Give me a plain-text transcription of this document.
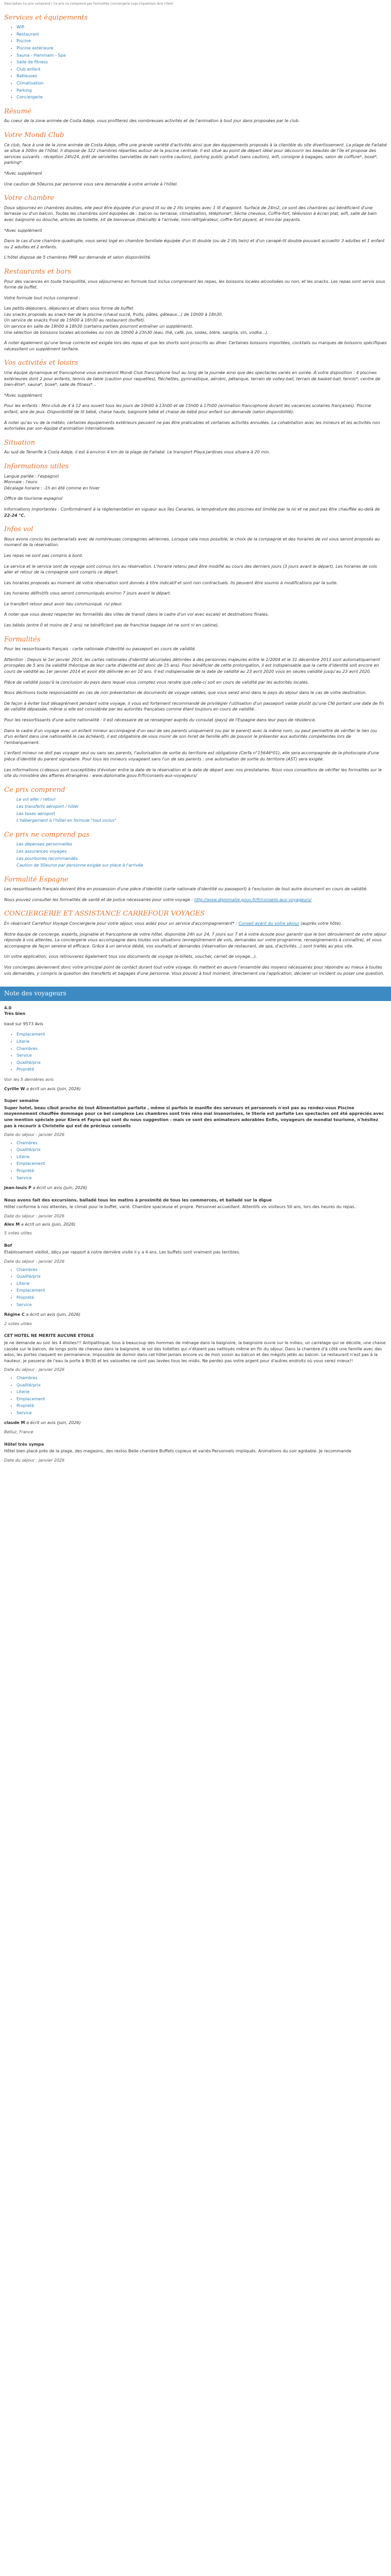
Description Ce prix comprend / Ce prix ne comprend pas Formalités Conciergerie Logo tripadvisor Avis Client
Services et équipements
• Wifi
• Restaurant
• Piscine
• Piscine extérieure
• Sauna - Hammam - Spa
• Salle de fitness
• Club enfant
• Batteuses
• Climatisation
• Parking
• Conciergerie
Résumé

Au coeur de la zone animée de Costa Adeje, vous profiterez des nombreuses activités et de l'animation à tout jour dans proposées par le club.

Votre Mondi Club

Ce club, face à une de la zone animée de Costa Adeje, offre une grande variété d'activités ainsi que des équipements proposés à la clientèle du site divertissement. La plage de Fañabé se situe à 300m de l'hôtel. Il dispose de 322 chambres réparties autour de la piscine centrale. Il est situé au point de départ idéal pour découvrir les beautés de l'île et propose des services suivants : réception 24h/24, prêt de serviettes (serviettes de bain contre caution), parking public gratuit (sans caution), wifi, consigne à bagages, salon de coiffure*, boxe*, parking*.

*Avec supplément

Une caution de 50euros par personne vous sera demandée à votre arrivée à l'hôtel.

Votre chambre

Doux séjournez en chambres doubles, elle peut être équipée d'un grand lit ou de 2 lits simples avec 1 lit d'appoint. Surface de 24m2, ce sont des chambres qui bénéficient d'une terrasse ou d'un balcon. Toutes les chambres sont équipées de : balcon ou terrasse, climatisation, téléphone*, Sèche cheveux, Coffre-fort, télévision à écran plat, wifi, salle de bain avec baignoire ou douche, articles de toilette, kit de bienvenue (thé/café) à l'arrivée, mini-réfrigérateur, coffre-fort payant, et mini-bar payants.

*Avec supplément

Dans le cas d'une chambre quadruple, vous serez logé en chambre familiale équipée d'un lit double (ou de 2 lits twin) et d'un canapé-lit double pouvant accueillir 3 adultes et 1 enfant ou 2 adultes et 2 enfants.

L'hôtel dispose de 5 chambres PMR sur demande et selon disponibilité.

Restaurants et bars

Pour des vacances en toute tranquillité, vous séjournerez en formule tout inclus comprenant les repas, les boissons locales alcoolisées ou non, et les snacks. Les repas sont servis sous forme de buffet.

Votre formule tout inclus comprend :

Les petits-déjeuners, déjeuners et dîners sous forme de buffet.
Les snacks proposés au snack-bar de la piscine (chaud sucré, fruits, pâtes, gâteaux...) de 10h00 à 18h30.
Un service de snacks froid de 15h00 à 16h30 au restaurant (buffet).
Un service en salle de 19h00 à 18h30 (certains partiels pourront entraîner un supplément).
Une sélection de boissons locales alcoolisées ou non de 10h00 à 23h30 (eau, thé, café, jus, sodas, bière, sangria, vin, vodka...).

À noter également qu'une tenue correcte est exigée lors des repas et que les shorts sont proscrits au dîner. Certaines boissons importées, cocktails ou marques de boissons spécifiques nécessitent un supplément tarifaire.

Vos activités et loisirs

Une équipe dynamique et francophone vous animeront Mondi Club francophone tout au long de la journée ainsi que des spectacles variés en soirée. À votre disposition : 4 piscines extérieures dont 2 pour enfants, tennis de table (caution pour raquettes), fléchettes, gymnastique, aérobic, pétanque, terrain de volley-ball, terrain de basket-ball, tennis*, centre de bien-être*, sauna*, boxe*, salle de fitness*...

*Avec supplément

Pour les enfants : Mini-club de 4 à 12 ans ouvert tous les jours de 10h00 à 13h00 et de 15h00 à 17h00 (animation francophone durant les vacances scolaires françaises). Piscine enfant, aire de jeux. Disponibilité de lit bébé, chaise haute, baignoire bébé et chaise de bébé pour enfant sur demande (selon disponibilité).

À noter qu'au vu de la météo, certaines équipements extérieurs peuvent ne pas être praticables et certaines activités annulées. La cohabitation avec les mineurs et les activités non autorisées par son équipe d'animation internationale.

Situation

Au sud de Tenerife à Costa Adeje, il est à environ 4 km de la plage de Fañabé. Le transport Playa Jardines vous situera à 20 min.

Informations utiles

Langue parlée : l'espagnol
Monnaie : l'euro
Décalage horaire : -1h en été comme en hiver

Office de tourisme espagnol

Informations importantes : Conformément à la réglementation en vigueur aux îles Canaries, la température des piscines est limitée par la loi et ne peut pas être chauffée au-delà de 22-24 °C.

Infos vol

Nous avons conclu les partenariats avec de nombreuses compagnies aériennes. Lorsque cela nous possible, le choix de la compagnie et des horaires de vol vous seront proposés au moment de la réservation.

Les repas ne sont pas compris à bord.

Le service et le service sont de voyage sont connus lors au réservation. L'horaire retenu peut être modifié au cours des derniers jours (3 jours avant le départ). Les horaires de vols aller et retour de la compagnie sont compris ce départ.

Les horaires proposés au moment de votre réservation sont donnés à titre indicatif et sont non contractuels. Ils peuvent être soumis à modifications par la suite.

Les horaires définitifs vous seront communiqués environ 7 jours avant le départ.

Le transfert retour peut avoir lieu communiqué. rui pleur.

À noter que vous devez respecter les formalités des villes de transit (dans le cadre d'un vol avec escale) et destinations finales.

Les bébés (entre 0 et moins de 2 ans) ne bénéficient pas de franchise bagage (et ne sont ni en cabine).

Formalités

Pour les ressortissants français : carte nationale d'identité ou passeport en cours de validité.

Attention : Depuis le 1er janvier 2014, les cartes nationales d'identité sécurisées délivrées à des personnes majeures entre le 1/2004 et le 31 décembre 2013 sont automatiquement prorogées de 5 ans (la validité théorique de leur carte d'identité est donc de 15 ans). Pour bénéficier de cette prolongation, il est indispensable que la carte d'identité soit encore en cours de validité au 1er janvier 2014 et avoir été délivrée en en 10 ans. Il est indispensable de la date de validité au 23 avril 2020 vous en seules validité jusqu'au 23 avril 2020.

Pièce de validité jusqu'à la conclusion du pays dans lequel vous comptez vous rendre que celle-ci soit en cours de validité par les autorités locales.

Nous déclinons toute responsabilité en cas de non présentation de documents de voyage valides, que vous serez ainsi dans le pays du séjour dans le cas de votre destination.

De façon à éviter tout désagrément pendant votre voyage, il vous est fortement recommandé de privilégier l'utilisation d'un passeport valide plutôt qu'une CNI portant une date de fin de validité dépassée, même si elle est considérée par les autorités françaises comme étant toujours en cours de validité.

Pour les ressortissants d'une autre nationalité : il est nécessaire de se renseigner auprès du consulat (pays) de l'Espagne dans leur pays de résidence.

Dans le cadre d'un voyage avec un enfant mineur accompagné d'un seul de ses parents uniquement (ou par le parent) avec la même nom, ou peut permettre de vérifier le lien (ou d'un enfant dans une nationalité le cas échéant), il est obligatoire de vous munir de son livret de famille afin de pouvoir le présenter aux autorités compétentes lors de l'embarquement.

L'enfant mineur ne doit pas voyager seul ou sans ses parents, l'autorisation de sortie du territoire est obligatoire (Cerfa n°15646*01), elle sera accompagnée de la photocopie d'une pièce d'identité du parent signataire. Pour tous les mineurs voyageant sans l'un de ses parents : une autorisation de sortie du territoire (AST) sera exigée.

Les informations ci-dessus sont susceptibles d'évoluer entre la date de la réservation et la date de départ avec nos prestataires. Nous vous conseillons de vérifier les formalités sur le site du ministère des affaires étrangères : www.diplomatie.gouv.fr/fr/conseils-aux-voyageurs/

Ce prix comprend
Le vol aller / retour
Les transferts aéroport / hôtel
Les taxes aéroport
L'hébergement à l'hôtel en formule "tout inclus"
Ce prix ne comprend pas
Les dépenses personnelles
Les assurances voyages
Les pourboires recommandés
Caution de 50euros par personne exigée sur place à l'arrivée
Formalité Espagne

Les ressortissants français doivent être en possession d'une pièce d'identité (carte nationale d'identité ou passeport) à l'exclusion de tout autre document en cours de validité.

Nous pouvez consulter les formalités de santé et de police nécessaires pour votre voyage : http://www.diplomatie.gouv.fr/fr/conseils-aux-voyageurs/

CONCIERGERIE ET ASSISTANCE CARREFOUR VOYAGES

En réservant Carrefour Voyage Conciergerie pour votre séjour, vous aidez pour un service d'accompagnement* : Conseil avant du votre séjour (auprès votre hôte).

Notre équipe de concierge, experts, joignable et francophone de votre hôtel, disponible 24h sur 24, 7 jours sur 7 et à votre écoute pour garantir que le bon déroulement de votre séjour réponde à vos attentes. La conciergerie vous accompagne dans toutes vos situations (enregistrement de vols, demandes sur votre programme, renseignements à connaître), et vous accompagne de façon sereine et efficace. Grâce à un service dédié, vos souhaits et demandes (réservation de restaurant, de spa, d'activités...) sont traités au plus vite.

Un votre application, vous retrouverez également tous vos documents de voyage (e-billets, voucher, carnet de voyage...).

Vos concierges deviennent donc votre principal point de contact durant tout votre voyage. Ils mettent en œuvre l'ensemble des moyens nécessaires pour répondre au mieux à toutes vos demandes, y compris la question des transferts et bagages d'une personne. Vous pouvez à tout moment, directement via l'application, déclarer un incident ou poser une question.

Note des voyageurs
4.0
Très bien

basé sur 9573 Avis

• Emplacement
• Literie
• Chambres
• Service
• Qualité/prix
• Propreté

Voir les 5 dernières avis

Cyrille W a écrit un avis (juin, 2026)
Super semaine
Super hotel, beau cibut proche de tout Alimentation parfaite , même si parfois le manifie des serveurs et personnels n'est pas au rendez-vous Piscine moyennement chauffée dommage pour ce bel complexe Les chambres sont très réno mal insonorisées, le literie est parfaite Les spectacles ont été appréciés avec une mention spéciale pour Kiera et Fayna qui sont du nous suggestion - mais ce sont des animateurs adorables Enfin, voyageurs de mondial tourisme, n'hésitez pas à recourir à Christelle qui est de précieux conseils
Date du séjour : janvier 2026
• Chambres
• Qualité/prix
• Literie
• Emplacement
• Propreté
• Service
Jean-louis P a écrit un avis (juin, 2026)
Nous avons fait des excursions, balladé tous les matins à proximité de tous les commerces, et balladé sur la digue
Hôtel conforme à nos attentes, le climat pour le buffet, varié. Chambre spacieuse et propre. Personnel accueillant. Attentifs vis visiteurs 50 ans, lors des heures du repas.
Date du séjour : janvier 2026
Alex M a écrit un avis (juin, 2026)
5 votes utiles
Bof
Établissement vieillot, déçu par rapport à notre dernière visite il y a 4 ans. Les buffets sont vraiment pas terribles.
Date du séjour : janvier 2026
• Chambres
• Qualité/prix
• Literie
• Emplacement
• Propreté
• Service
Régine C a écrit un avis (juin, 2026)
2 votes utiles
CET HOTEL NE MERITE AUCUNE ETOILE
Je ne demande au soir les 4 étoiles!!! Antipathique, tous à beaucoup des hommes de ménage dans la baignoire, la baignoire ouvre sur le milieu, un carrelage qui se décolle, une chaise cassée sur le balcon, de longs poils de cheveux dans la baignoire, le sol des toilettes qui n'étaient pas nettoyés même en fin du séjour. Dans la chambre d'à côté une famille avec des ados, les portes claquent en permanence, impossible de dormir dans cet hôtel jamais encore vu de mon voisin au balcon et des mégots jetés au balcon. Le restaurant n'est pas à la hauteur, je passerai de l'eau la porte à 8h30 et les vaisselles ne sont pas lavées tous les midis. Ne perdez pas votre argent pour d'autres endroits où vous serez mieux!!
Date du séjour : janvier 2026
• Chambres
• Qualité/prix
• Literie
• Emplacement
• Propreté
• Service
claude M a écrit un avis (juin, 2026)
Belluz, France
Hôtel très sympa
Hôtel bien placé près de la plage, des magasins, des restos Belle chambre Buffets copieux et variés Personnels impliqués. Animations du soir agréable. Je recommande
Date du séjour : janvier 2026
